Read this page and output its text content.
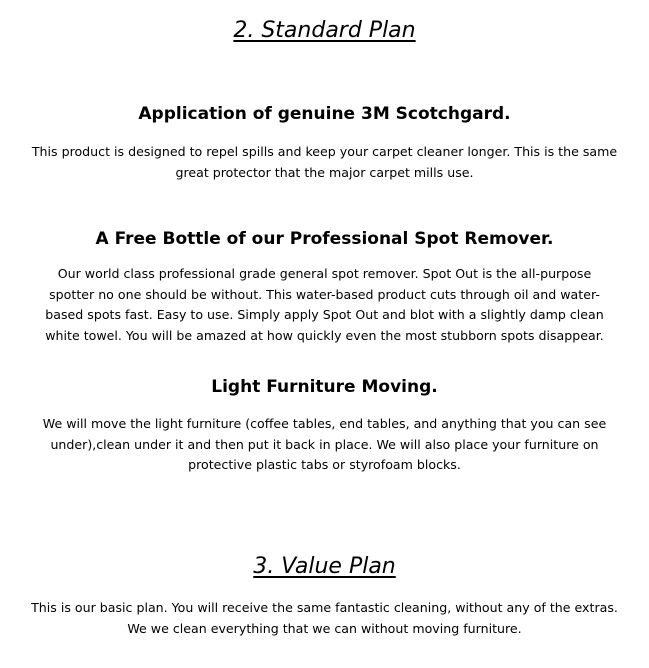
2. Standard Plan
Application of genuine 3M Scotchgard.

This product is designed to repel spills and keep your carpet cleaner longer. This is the same great protector that the major carpet mills use.

A Free Bottle of our Professional Spot Remover.

Our world class professional grade general spot remover. Spot Out is the all-purpose spotter no one should be without. This water-based product cuts through oil and water-based spots fast. Easy to use. Simply apply Spot Out and blot with a slightly damp clean white towel. You will be amazed at how quickly even the most stubborn spots disappear.

Light Furniture Moving.

We will move the light furniture (coffee tables, end tables, and anything that you can see under),clean under it and then put it back in place. We will also place your furniture on protective plastic tabs or styrofoam blocks.

3. Value Plan

This is our basic plan. You will receive the same fantastic cleaning, without any of the extras. We we clean everything that we can without moving furniture.
